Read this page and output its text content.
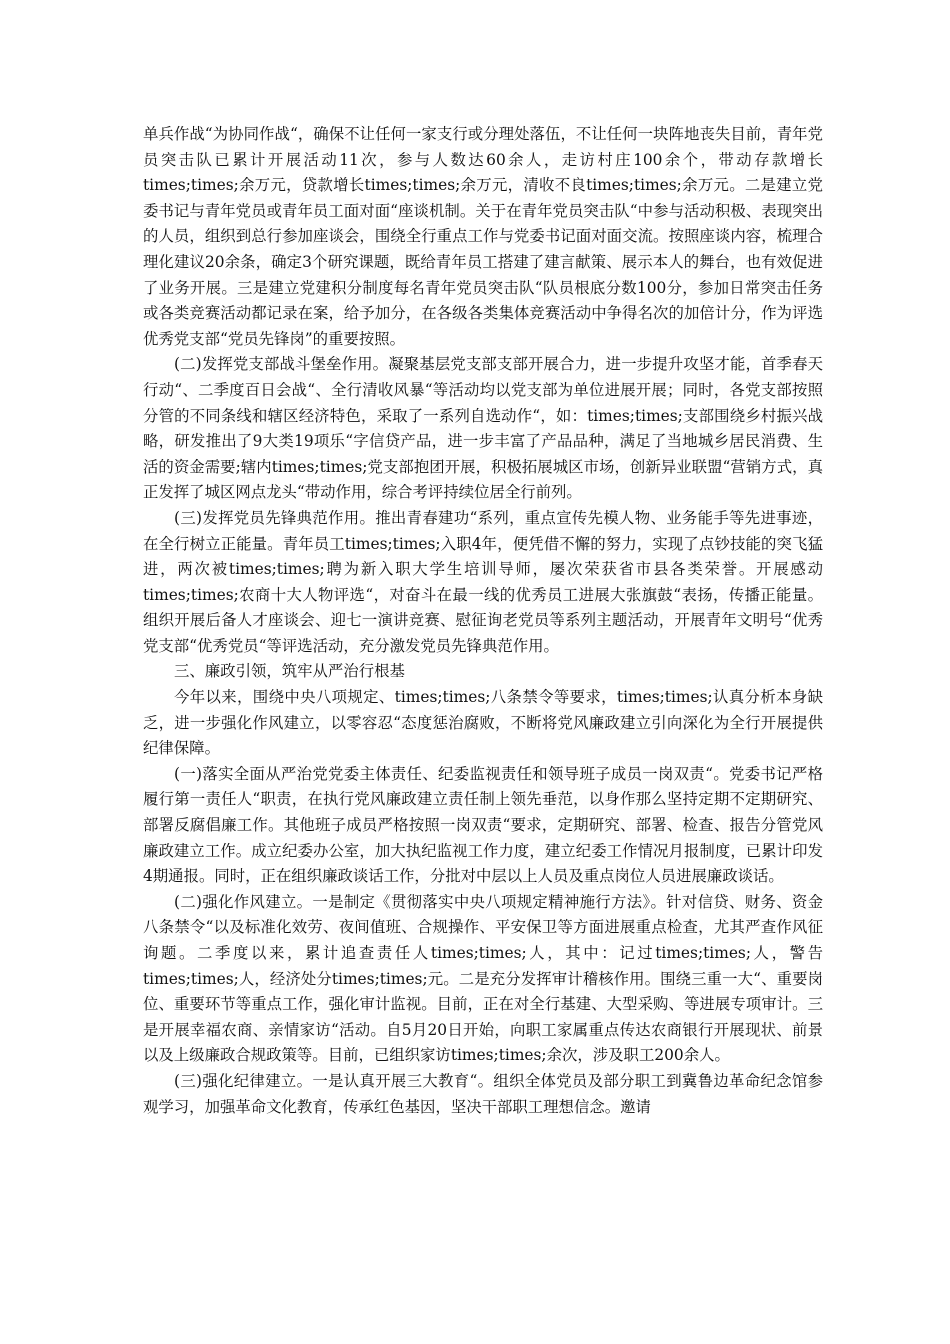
单兵作战“为协同作战“，确保不让任何一家支行或分理处落伍，不让任何一块阵地丧失目前，青年党员突击队已累计开展活动11次，参与人数达60余人，走访村庄100余个，带动存款增长times;times;余万元，贷款增长times;times;余万元，清收不良times;times;余万元。二是建立党委书记与青年党员或青年员工面对面“座谈机制。关于在青年党员突击队“中参与活动积极、表现突出的人员，组织到总行参加座谈会，围绕全行重点工作与党委书记面对面交流。按照座谈内容，梳理合理化建议20余条，确定3个研究课题，既给青年员工搭建了建言献策、展示本人的舞台，也有效促进了业务开展。三是建立党建积分制度每名青年党员突击队“队员根底分数100分，参加日常突击任务或各类竞赛活动都记录在案，给予加分，在各级各类集体竞赛活动中争得名次的加倍计分，作为评选优秀党支部“党员先锋岗”的重要按照。

(二)发挥党支部战斗堡垒作用。凝聚基层党支部支部开展合力，进一步提升攻坚才能，首季春天行动“、二季度百日会战“、全行清收风暴“等活动均以党支部为单位进展开展；同时，各党支部按照分管的不同条线和辖区经济特色，采取了一系列自选动作“，如：times;times;支部围绕乡村振兴战略，研发推出了9大类19项乐“字信贷产品，进一步丰富了产品品种，满足了当地城乡居民消费、生活的资金需要;辖内times;times;党支部抱团开展，积极拓展城区市场，创新异业联盟“营销方式，真正发挥了城区网点龙头“带动作用，综合考评持续位居全行前列。

(三)发挥党员先锋典范作用。推出青春建功“系列，重点宣传先模人物、业务能手等先进事迹，在全行树立正能量。青年员工times;times;入职4年，便凭借不懈的努力，实现了点钞技能的突飞猛进，两次被times;times;聘为新入职大学生培训导师，屡次荣获省市县各类荣誉。开展感动times;times;农商十大人物评选“，对奋斗在最一线的优秀员工进展大张旗鼓“表扬，传播正能量。组织开展后备人才座谈会、迎七一演讲竞赛、慰征询老党员等系列主题活动，开展青年文明号“优秀党支部“优秀党员“等评选活动，充分激发党员先锋典范作用。

三、廉政引领，筑牢从严治行根基

今年以来，围绕中央八项规定、times;times;八条禁令等要求，times;times;认真分析本身缺乏，进一步强化作风建立，以零容忍“态度惩治腐败，不断将党风廉政建立引向深化为全行开展提供纪律保障。

(一)落实全面从严治党党委主体责任、纪委监视责任和领导班子成员一岗双责“。党委书记严格履行第一责任人“职责，在执行党风廉政建立责任制上领先垂范，以身作那么坚持定期不定期研究、部署反腐倡廉工作。其他班子成员严格按照一岗双责“要求，定期研究、部署、检查、报告分管党风廉政建立工作。成立纪委办公室，加大执纪监视工作力度，建立纪委工作情况月报制度，已累计印发4期通报。同时，正在组织廉政谈话工作，分批对中层以上人员及重点岗位人员进展廉政谈话。

(二)强化作风建立。一是制定《贯彻落实中央八项规定精神施行方法》。针对信贷、财务、资金八条禁令“以及标准化效劳、夜间值班、合规操作、平安保卫等方面进展重点检查，尤其严查作风征询题。二季度以来，累计追查责任人times;times;人，其中：记过times;times;人，警告times;times;人，经济处分times;times;元。二是充分发挥审计稽核作用。围绕三重一大“、重要岗位、重要环节等重点工作，强化审计监视。目前，正在对全行基建、大型采购、等进展专项审计。三是开展幸福农商、亲情家访“活动。自5月20日开始，向职工家属重点传达农商银行开展现状、前景以及上级廉政合规政策等。目前，已组织家访times;times;余次，涉及职工200余人。

(三)强化纪律建立。一是认真开展三大教育“。组织全体党员及部分职工到冀鲁边革命纪念馆参观学习，加强革命文化教育，传承红色基因，坚决干部职工理想信念。邀请
